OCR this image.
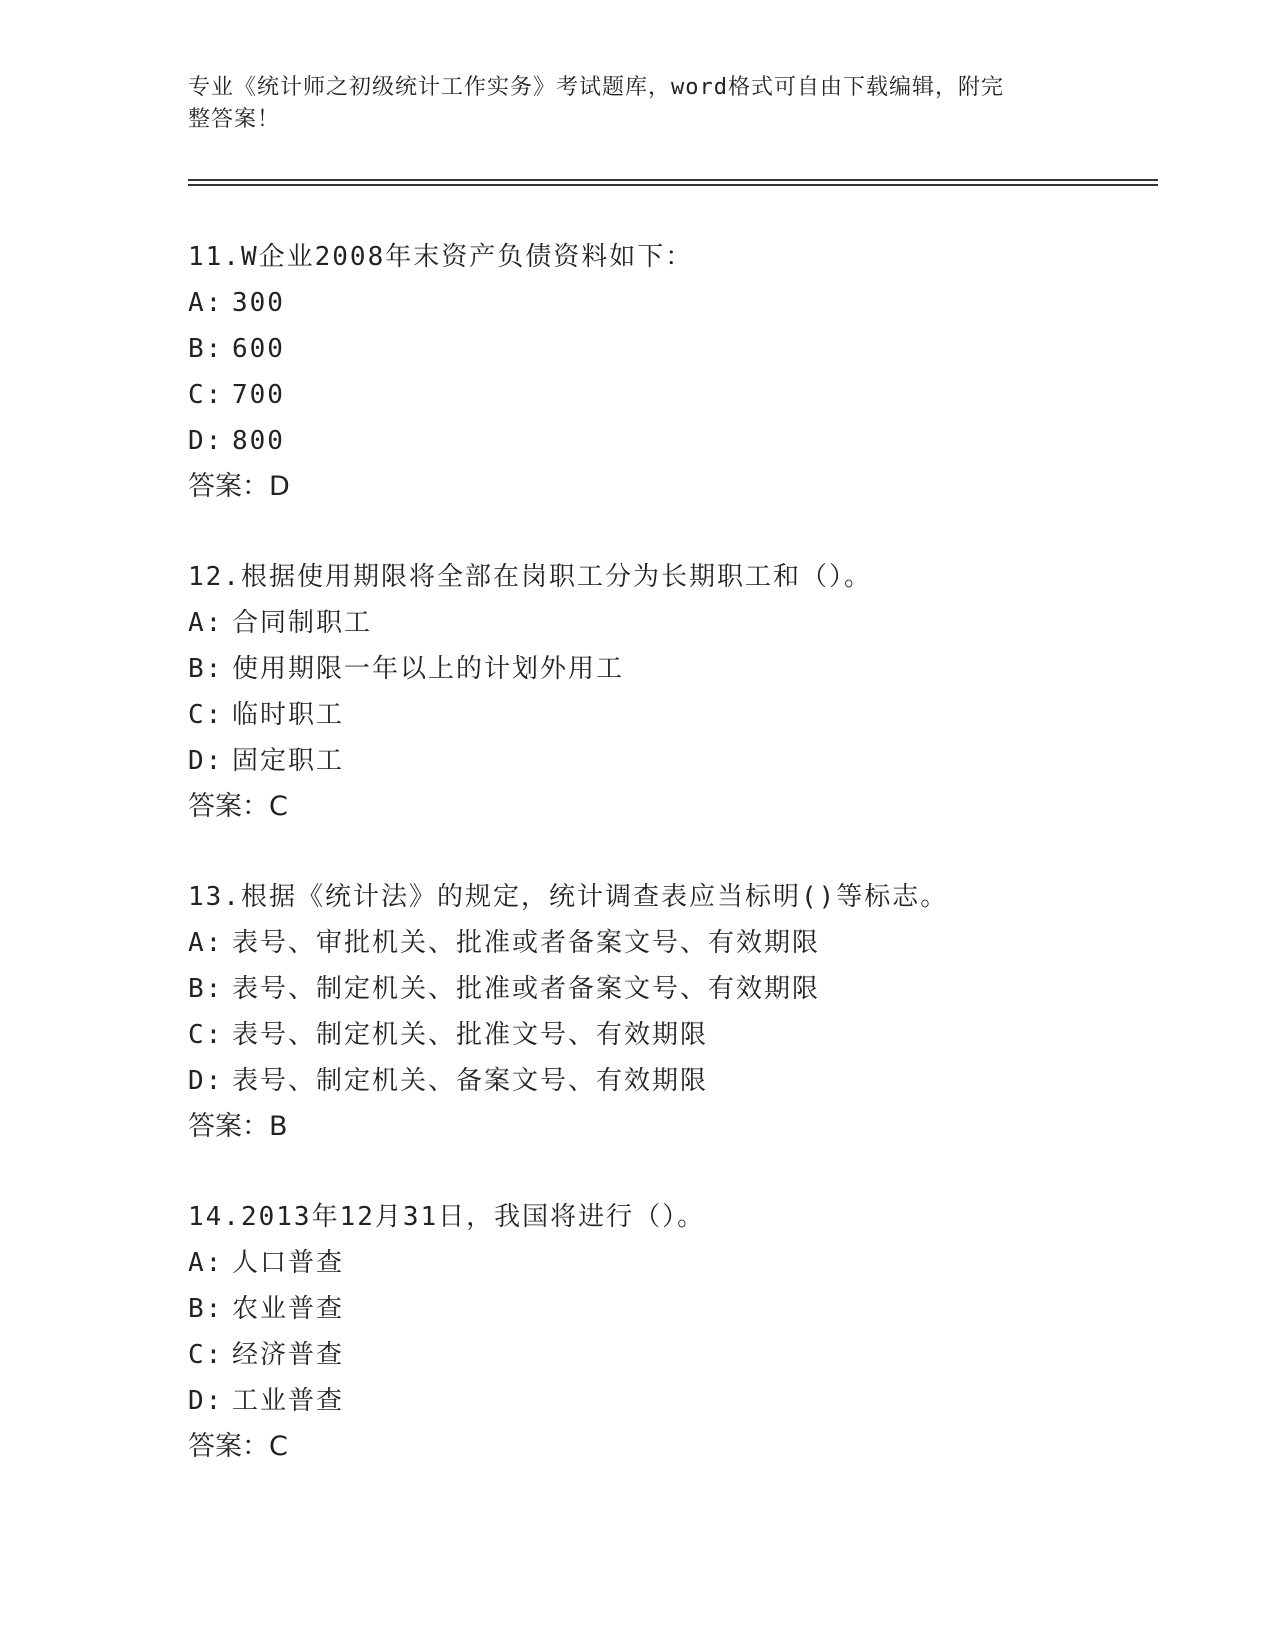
专业《统计师之初级统计工作实务》考试题库，word格式可自由下载编辑，附完
整答案！
11.W企业2008年末资产负债资料如下：
A: 300
B: 600
C: 700
D: 800
答案：D
12.根据使用期限将全部在岗职工分为长期职工和（）。
A: 合同制职工
B: 使用期限一年以上的计划外用工
C: 临时职工
D: 固定职工
答案：C
13.根据《统计法》的规定，统计调查表应当标明()等标志。
A: 表号、审批机关、批准或者备案文号、有效期限
B: 表号、制定机关、批准或者备案文号、有效期限
C: 表号、制定机关、批准文号、有效期限
D: 表号、制定机关、备案文号、有效期限
答案：B
14.2013年12月31日，我国将进行（）。
A: 人口普查
B: 农业普查
C: 经济普查
D: 工业普查
答案：C
